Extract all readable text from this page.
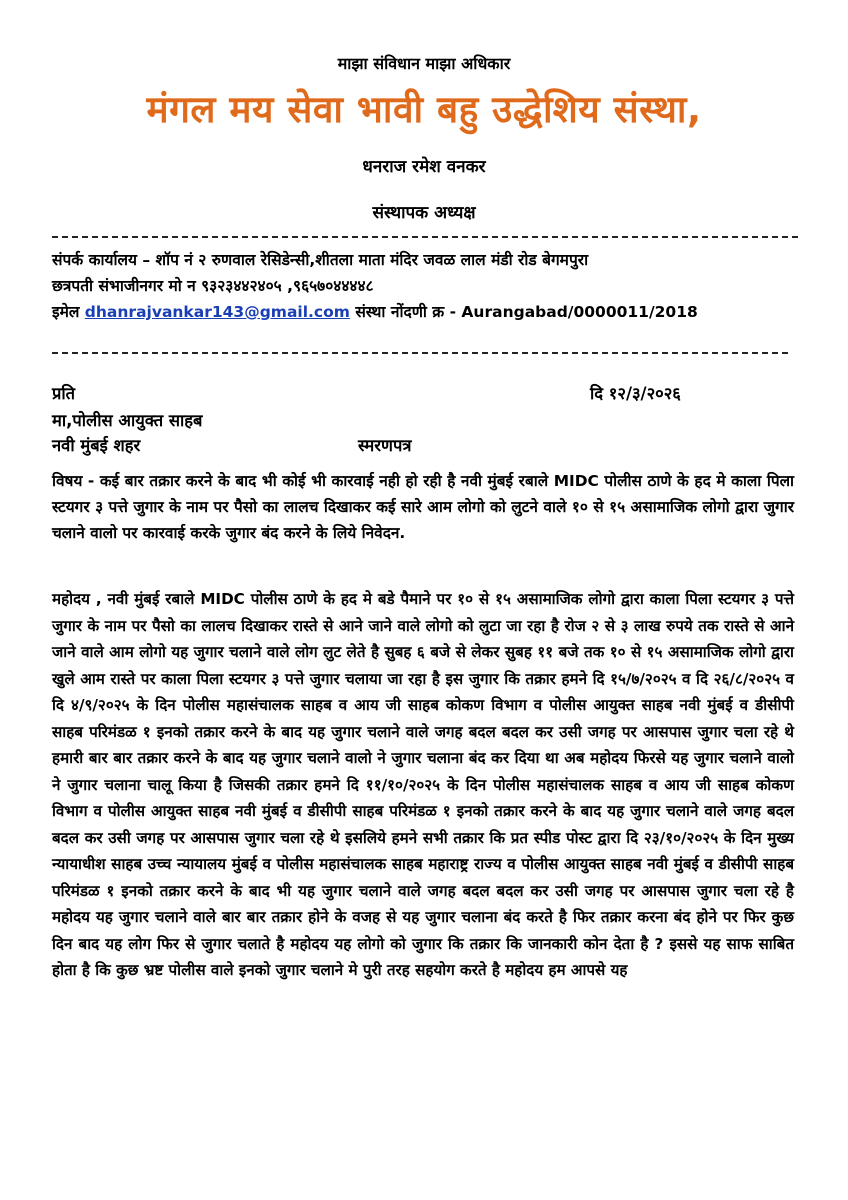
माझा संविधान माझा अधिकार
मंगल मय सेवा भावी बहु उद्धेशिय संस्था,
धनराज रमेश वनकर
संस्थापक अध्यक्ष
संपर्क कार्यालय – शॉप नं २ रुणवाल रेसिडेन्सी,शीतला माता मंदिर जवळ लाल मंडी रोड बेगमपुरा
छत्रपती संभाजीनगर मो न ९३२३४४२४०५ ,९६५७०४४४४८
इमेल dhanrajvankar143@gmail.com संस्था नोंदणी क्र - Aurangabad/0000011/2018
प्रति	दि १२/३/२०२६
मा,पोलीस आयुक्त साहब
नवी मुंबई शहर	स्मरणपत्र
विषय - कई बार तक्रार करने के बाद भी कोई भी कारवाई नही हो रही है नवी मुंबई रबाले MIDC पोलीस ठाणे के हद मे काला पिला स्टयगर ३ पत्ते जुगार के नाम पर पैसो का लालच दिखाकर कई सारे आम लोगो को लुटने वाले १० से १५ असामाजिक लोगो द्वारा जुगार चलाने वालो पर कारवाई करके जुगार बंद करने के लिये निवेदन.
महोदय , नवी मुंबई रबाले MIDC पोलीस ठाणे के हद मे बडे पैमाने पर १० से १५ असामाजिक लोगो द्वारा काला पिला स्टयगर ३ पत्ते जुगार के नाम पर पैसो का लालच दिखाकर रास्ते से आने जाने वाले लोगो को लुटा जा रहा है रोज २ से ३ लाख रुपये तक रास्ते से आने जाने वाले आम लोगो यह जुगार चलाने वाले लोग लुट लेते है सुबह ६ बजे से लेकर सुबह ११ बजे तक १० से १५ असामाजिक लोगो द्वारा खुले आम रास्ते पर काला पिला स्टयगर ३ पत्ते जुगार चलाया जा रहा है इस जुगार कि तक्रार हमने दि १५/७/२०२५ व दि २६/८/२०२५ व दि ४/९/२०२५ के दिन पोलीस महासंचालक साहब व आय जी साहब कोकण विभाग व पोलीस आयुक्त साहब नवी मुंबई व डीसीपी साहब परिमंडळ १ इनको तक्रार करने के बाद यह जुगार चलाने वाले जगह बदल बदल कर उसी जगह पर आसपास जुगार चला रहे थे हमारी बार बार तक्रार करने के बाद यह जुगार चलाने वालो ने जुगार चलाना बंद कर दिया था अब महोदय फिरसे यह जुगार चलाने वालो ने जुगार चलाना चालू किया है जिसकी तक्रार हमने दि ११/१०/२०२५ के दिन पोलीस महासंचालक साहब व आय जी साहब कोकण विभाग व पोलीस आयुक्त साहब नवी मुंबई व डीसीपी साहब परिमंडळ १ इनको तक्रार करने के बाद यह जुगार चलाने वाले जगह बदल बदल कर उसी जगह पर आसपास जुगार चला रहे थे इसलिये हमने सभी तक्रार कि प्रत स्पीड पोस्ट द्वारा दि २३/१०/२०२५ के दिन मुख्य न्यायाधीश साहब उच्च न्यायालय मुंबई व पोलीस महासंचालक साहब महाराष्ट्र राज्य व पोलीस आयुक्त साहब नवी मुंबई व डीसीपी साहब परिमंडळ १ इनको तक्रार करने के बाद भी यह जुगार चलाने वाले जगह बदल बदल कर उसी जगह पर आसपास जुगार चला रहे है महोदय यह जुगार चलाने वाले बार बार तक्रार होने के वजह से यह जुगार चलाना बंद करते है फिर तक्रार करना बंद होने पर फिर कुछ दिन बाद यह लोग फिर से जुगार चलाते है महोदय यह लोगो को जुगार कि तक्रार कि जानकारी कोन देता है ? इससे यह साफ साबित होता है कि कुछ भ्रष्ट पोलीस वाले इनको जुगार चलाने मे पुरी तरह सहयोग करते है महोदय हम आपसे यह
